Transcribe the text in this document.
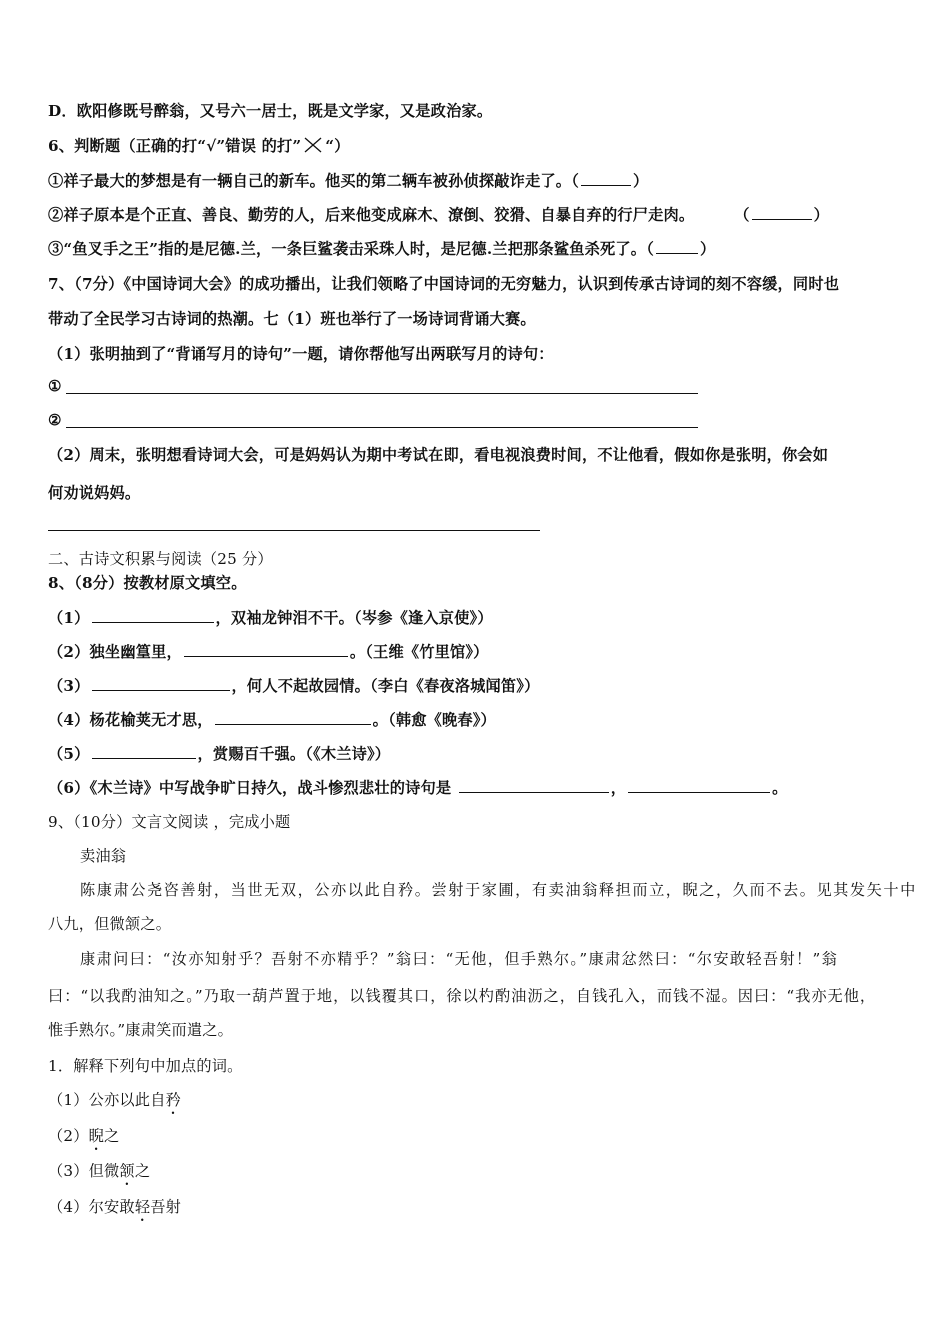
D．欧阳修既号醉翁，又号六一居士，既是文学家，又是政治家。
6、判断题（正确的打“√”错误 的打” “）
①祥子最大的梦想是有一辆自己的新车。他买的第二辆车被孙侦探敲诈走了。（	）
②祥子原本是个正直、善良、勤劳的人，后来他变成麻木、潦倒、狡猾、自暴自弃的行尸走肉。	（	）
③“鱼叉手之王”指的是尼德.兰，一条巨鲨袭击采珠人时，是尼德.兰把那条鲨鱼杀死了。（	）
7、（7分）《中国诗词大会》的成功播出，让我们领略了中国诗词的无穷魅力，认识到传承古诗词的刻不容缓，同时也
带动了全民学习古诗词的热潮。七（1）班也举行了一场诗词背诵大赛。
（1）张明抽到了“背诵写月的诗句”一题，请你帮他写出两联写月的诗句：
①
②
（2）周末，张明想看诗词大会，可是妈妈认为期中考试在即，看电视浪费时间，不让他看，假如你是张明，你会如
何劝说妈妈。
二、古诗文积累与阅读（25 分）
8、（8分）按教材原文填空。
（1）	，双袖龙钟泪不干。（岑参《逢入京使》）
（2）独坐幽篁里，	。（王维《竹里馆》）
（3）	，何人不起故园情。（李白《春夜洛城闻笛》）
（4）杨花榆荚无才思，	。（韩愈《晚春》）
（5）	，赏赐百千强。（《木兰诗》）
（6）《木兰诗》中写战争旷日持久，战斗惨烈悲壮的诗句是	，	。
9、（10分）文言文阅读 ，完成小题
卖油翁
陈康肃公尧咨善射，当世无双，公亦以此自矜。尝射于家圃，有卖油翁释担而立，睨之，久而不去。见其发矢十中
八九，但微颔之。
康肃问曰：“汝亦知射乎？吾射不亦精乎？”翁曰：“无他，但手熟尔。”康肃忿然曰：“尔安敢轻吾射！”翁
曰：“以我酌油知之。”乃取一葫芦置于地，以钱覆其口，徐以杓酌油沥之，自钱孔入，而钱不湿。因曰：“我亦无他，
惟手熟尔。”康肃笑而遣之。
1．解释下列句中加点的词。
（1）公亦以此自矜
（2）睨之
（3）但微颔之
（4）尔安敢轻吾射
